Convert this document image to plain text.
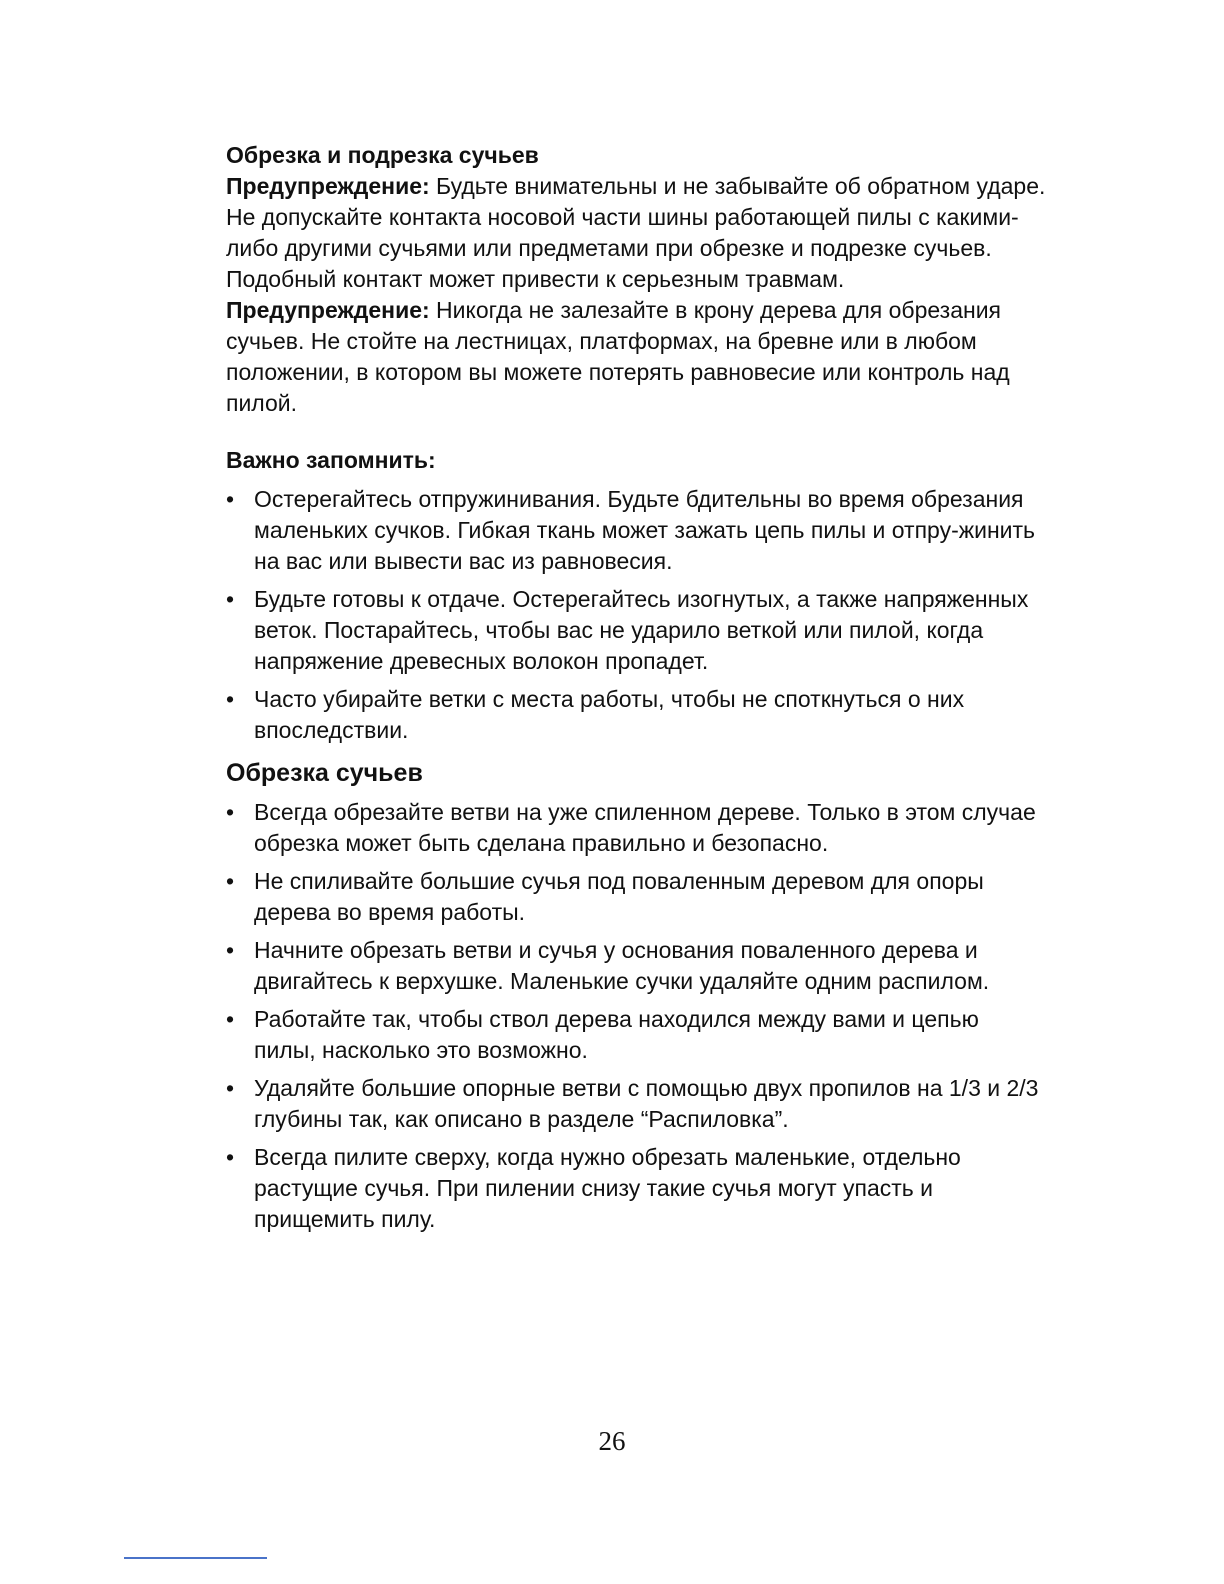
Обрезка и подрезка сучьев

Предупреждение: Будьте внимательны и не забывайте об обратном ударе. Не допускайте контакта носовой части шины работающей пилы с какими-либо другими сучьями или предметами при обрезке и подрезке сучьев. Подобный контакт может привести к серьезным травмам.

Предупреждение: Никогда не залезайте в крону дерева для обрезания сучьев. Не стойте на лестницах, платформах, на бревне или в любом положении, в котором вы можете потерять равновесие или контроль над пилой.

Важно запомнить:
• Остерегайтесь отпружинивания. Будьте бдительны во время обрезания маленьких сучков. Гибкая ткань может зажать цепь пилы и отпру-жинить на вас или вывести вас из равновесия.
• Будьте готовы к отдаче. Остерегайтесь изогнутых, а также напряженных веток. Постарайтесь, чтобы вас не ударило веткой или пилой, когда напряжение древесных волокон пропадет.
• Часто убирайте ветки с места работы, чтобы не споткнуться о них впоследствии.
Обрезка сучьев
• Всегда обрезайте ветви на уже спиленном дереве. Только в этом случае обрезка может быть сделана правильно и безопасно.
• Не спиливайте большие сучья под поваленным деревом для опоры дерева во время работы.
• Начните обрезать ветви и сучья у основания поваленного дерева и двигайтесь к верхушке. Маленькие сучки удаляйте одним распилом.
• Работайте так, чтобы ствол дерева находился между вами и цепью пилы, насколько это возможно.
• Удаляйте большие опорные ветви с помощью двух пропилов на 1/3 и 2/3 глубины так, как описано в разделе “Распиловка”.
• Всегда пилите сверху, когда нужно обрезать маленькие, отдельно растущие сучья. При пилении снизу такие сучья могут упасть и прищемить пилу.
26
